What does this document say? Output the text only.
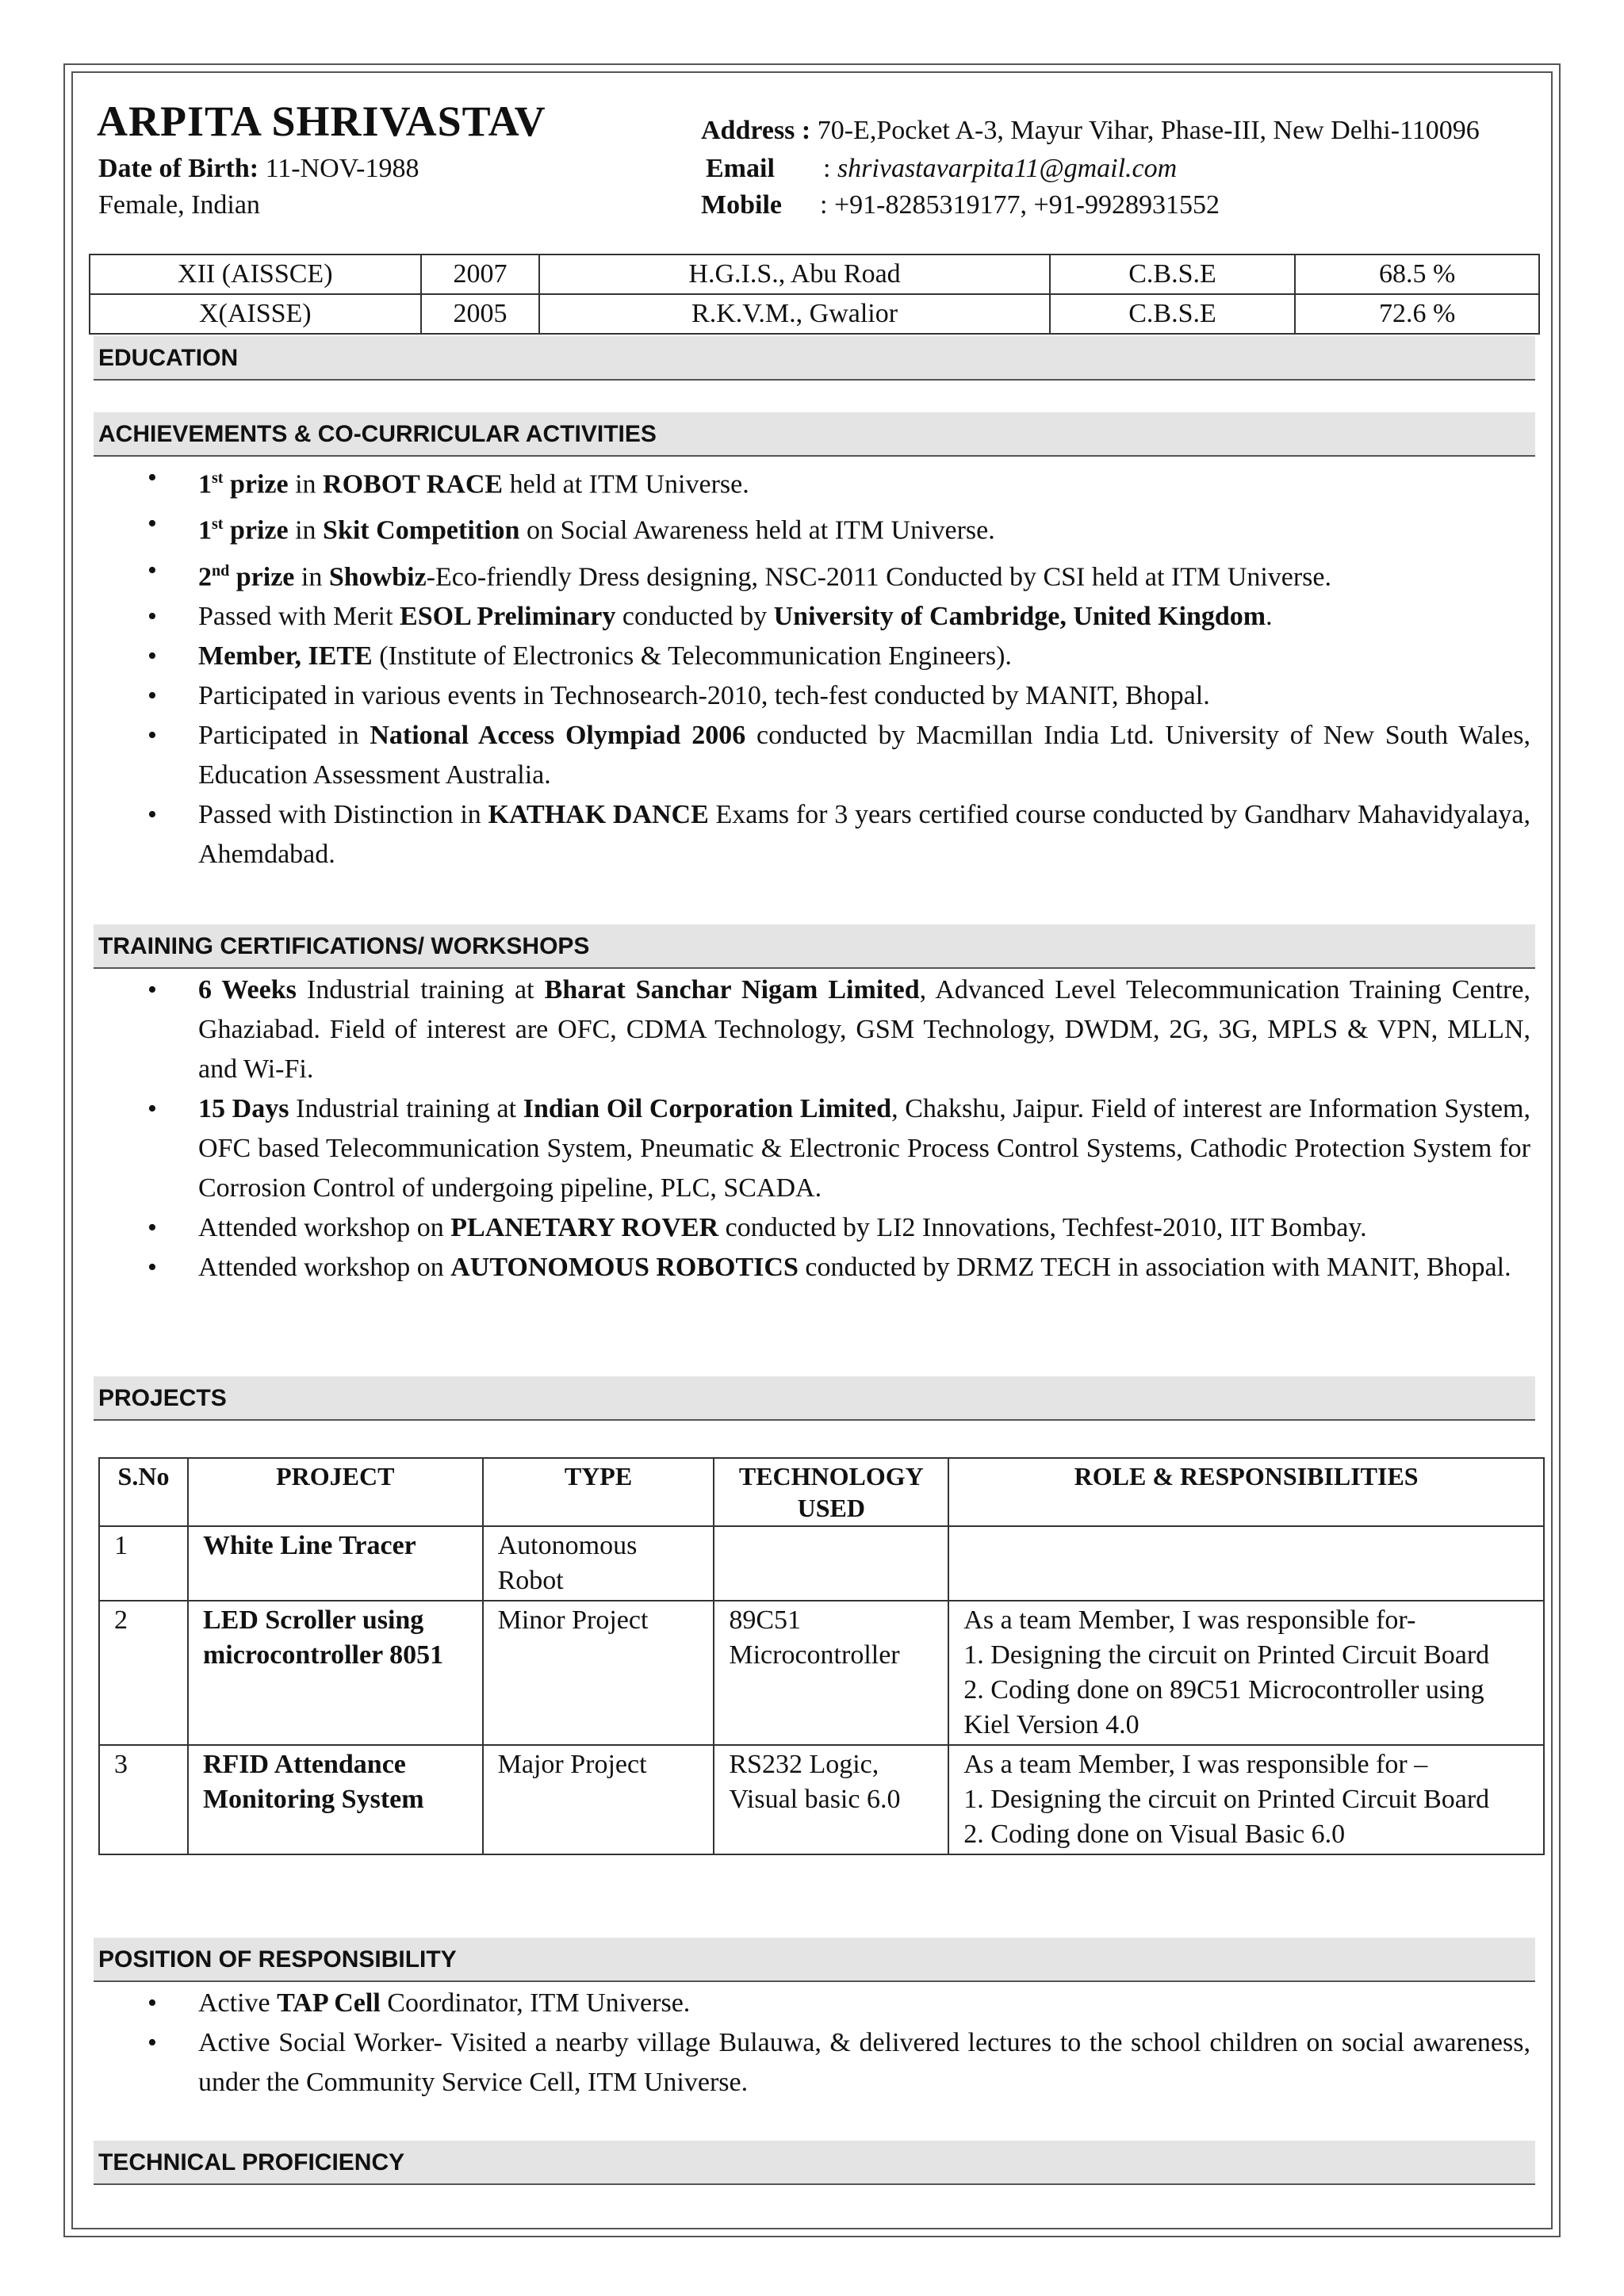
ARPITA SHRIVASTAV
Date of Birth: 11-NOV-1988
Female, Indian
Address : 70-E,Pocket A-3, Mayur Vihar, Phase-III, New Delhi-110096
Email : shrivastavarpita11@gmail.com
Mobile : +91-8285319177, +91-9928931552
XII (AISSCE)	2007	H.G.I.S., Abu Road	C.B.S.E	68.5 %
X(AISSE)	2005	R.K.V.M., Gwalior	C.B.S.E	72.6 %
EDUCATION
ACHIEVEMENTS & CO-CURRICULAR ACTIVITIES
• 1st prize in ROBOT RACE held at ITM Universe.
• 1st prize in Skit Competition on Social Awareness held at ITM Universe.
• 2nd prize in Showbiz-Eco-friendly Dress designing, NSC-2011 Conducted by CSI held at ITM Universe.
• Passed with Merit ESOL Preliminary conducted by University of Cambridge, United Kingdom.
• Member, IETE (Institute of Electronics & Telecommunication Engineers).
• Participated in various events in Technosearch-2010, tech-fest conducted by MANIT, Bhopal.
• Participated in National Access Olympiad 2006 conducted by Macmillan India Ltd. University of New South Wales, Education Assessment Australia.
• Passed with Distinction in KATHAK DANCE Exams for 3 years certified course conducted by Gandharv Mahavidyalaya, Ahemdabad.
TRAINING CERTIFICATIONS/ WORKSHOPS
• 6 Weeks Industrial training at Bharat Sanchar Nigam Limited, Advanced Level Telecommunication Training Centre, Ghaziabad. Field of interest are OFC, CDMA Technology, GSM Technology, DWDM, 2G, 3G, MPLS & VPN, MLLN, and Wi-Fi.
• 15 Days Industrial training at Indian Oil Corporation Limited, Chakshu, Jaipur. Field of interest are Information System, OFC based Telecommunication System, Pneumatic & Electronic Process Control Systems, Cathodic Protection System for Corrosion Control of undergoing pipeline, PLC, SCADA.
• Attended workshop on PLANETARY ROVER conducted by LI2 Innovations, Techfest-2010, IIT Bombay.
• Attended workshop on AUTONOMOUS ROBOTICS conducted by DRMZ TECH in association with MANIT, Bhopal.
PROJECTS
S.No	PROJECT	TYPE	TECHNOLOGY USED	ROLE & RESPONSIBILITIES
1	White Line Tracer	Autonomous Robot		
2	LED Scroller using microcontroller 8051	Minor Project	89C51 Microcontroller	As a team Member, I was responsible for-
1. Designing the circuit on Printed Circuit Board
2. Coding done on 89C51 Microcontroller using Kiel Version 4.0

3	RFID Attendance Monitoring System	Major Project	RS232 Logic, Visual basic 6.0	As a team Member, I was responsible for –
1. Designing the circuit on Printed Circuit Board
2. Coding done on Visual Basic 6.0
POSITION OF RESPONSIBILITY
• Active TAP Cell Coordinator, ITM Universe.
• Active Social Worker- Visited a nearby village Bulauwa, & delivered lectures to the school children on social awareness, under the Community Service Cell, ITM Universe.
TECHNICAL PROFICIENCY
